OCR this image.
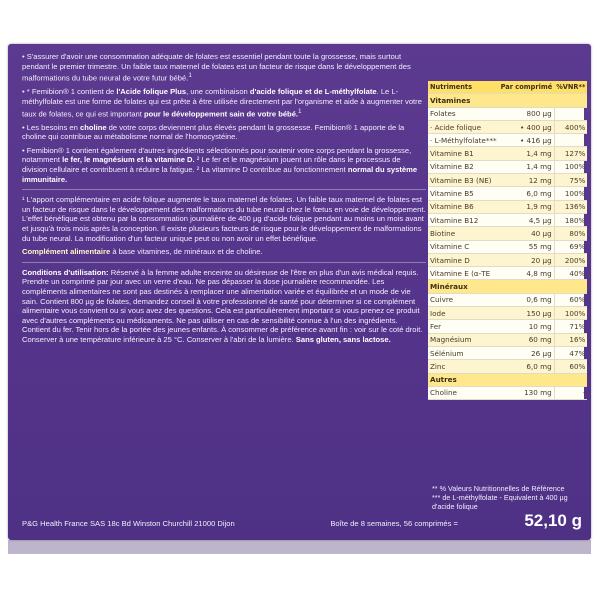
• S'assurer d'avoir une consommation adéquate de folates est essentiel pendant toute la grossesse, mais surtout pendant le premier trimestre. Un faible taux maternel de folates est un facteur de risque dans le développement des malformations du tube neural de votre futur bébé.$^1$

• * Femibion® 1 contient de l'Acide folique Plus, une combinaison d'acide folique et de L-méthylfolate. Le L-méthylfolate est une forme de folates qui est prête à être utilisée directement par l'organisme et aide à augmenter votre taux de folates, ce qui est important pour le développement sain de votre bébé.$^1$

• Les besoins en choline de votre corps deviennent plus élevés pendant la grossesse. Femibion® 1 apporte de la choline qui contribue au métabolisme normal de l'homocystéine.

• Femibion® 1 contient également d'autres ingrédients sélectionnés pour soutenir votre corps pendant la grossesse, notamment le fer, le magnésium et la vitamine D. ² Le fer et le magnésium jouent un rôle dans le processus de division cellulaire et contribuent à réduire la fatigue. ² La vitamine D contribue au fonctionnement normal du système immunitaire.

¹ L'apport complémentaire en acide folique augmente le taux maternel de folates. Un faible taux maternel de folates est un facteur de risque dans le développement des malformations du tube neural chez le fœtus en voie de développement. L'effet bénéfique est obtenu par la consommation journalière de 400 µg d'acide folique pendant au moins un mois avant et jusqu'à trois mois après la conception. Il existe plusieurs facteurs de risque pour le développement de malformations du tube neural. La modification d'un facteur unique peut ou non avoir un effet bénéfique.

Complément alimentaire à base vitamines, de minéraux et de choline.

Conditions d'utilisation: Réservé à la femme adulte enceinte ou désireuse de l'être en plus d'un avis médical requis. Prendre un comprimé par jour avec un verre d'eau. Ne pas dépasser la dose journalière recommandée. Les compléments alimentaires ne sont pas destinés à remplacer une alimentation variée et équilibrée et un mode de vie sain. Contient 800 µg de folates, demandez conseil à votre professionnel de santé pour déterminer si ce complément alimentaire vous convient ou si vous avez des questions. Cela est particulièrement important si vous prenez ce produit avec d'autres compléments ou médicaments. Ne pas utiliser en cas de sensibilité connue à l'un des ingrédients. Contient du fer. Tenir hors de la portée des jeunes enfants. À consommer de préférence avant fin : voir sur le coté droit. Conserver à une température inférieure à 25 °C. Conserver à l'abri de la lumière. Sans gluten, sans lactose.

Nutriments	Par comprimé	%VNR**
Vitamines		
Folates	800 µg	
· Acide folique	• 400 µg	400%
· L-Méthylfolate***	• 416 µg	
Vitamine B1	1,4 mg	127%
Vitamine B2	1,4 mg	100%
Vitamine B3 (NE)	12 mg	75%
Vitamine B5	6,0 mg	100%
Vitamine B6	1,9 mg	136%
Vitamine B12	4,5 µg	180%
Biotine	40 µg	80%
Vitamine C	55 mg	69%
Vitamine D	20 µg	200%
Vitamine E (α-TE	4,8 mg	40%
Minéraux		
Cuivre	0,6 mg	60%
Iode	150 µg	100%
Fer	10 mg	71%
Magnésium	60 mg	16%
Sélénium	26 µg	47%
Zinc	6,0 mg	60%
Autres		
Choline	130 mg	-

** % Valeurs Nutritionnelles de Référence

*** de L-méthylfolate - Equivalent à 400 µg d'acide folique

P&G Health France SAS 18c Bd Winston Churchill 21000 Dijon	Boîte de 8 semaines, 56 comprimés =	52,10 g
